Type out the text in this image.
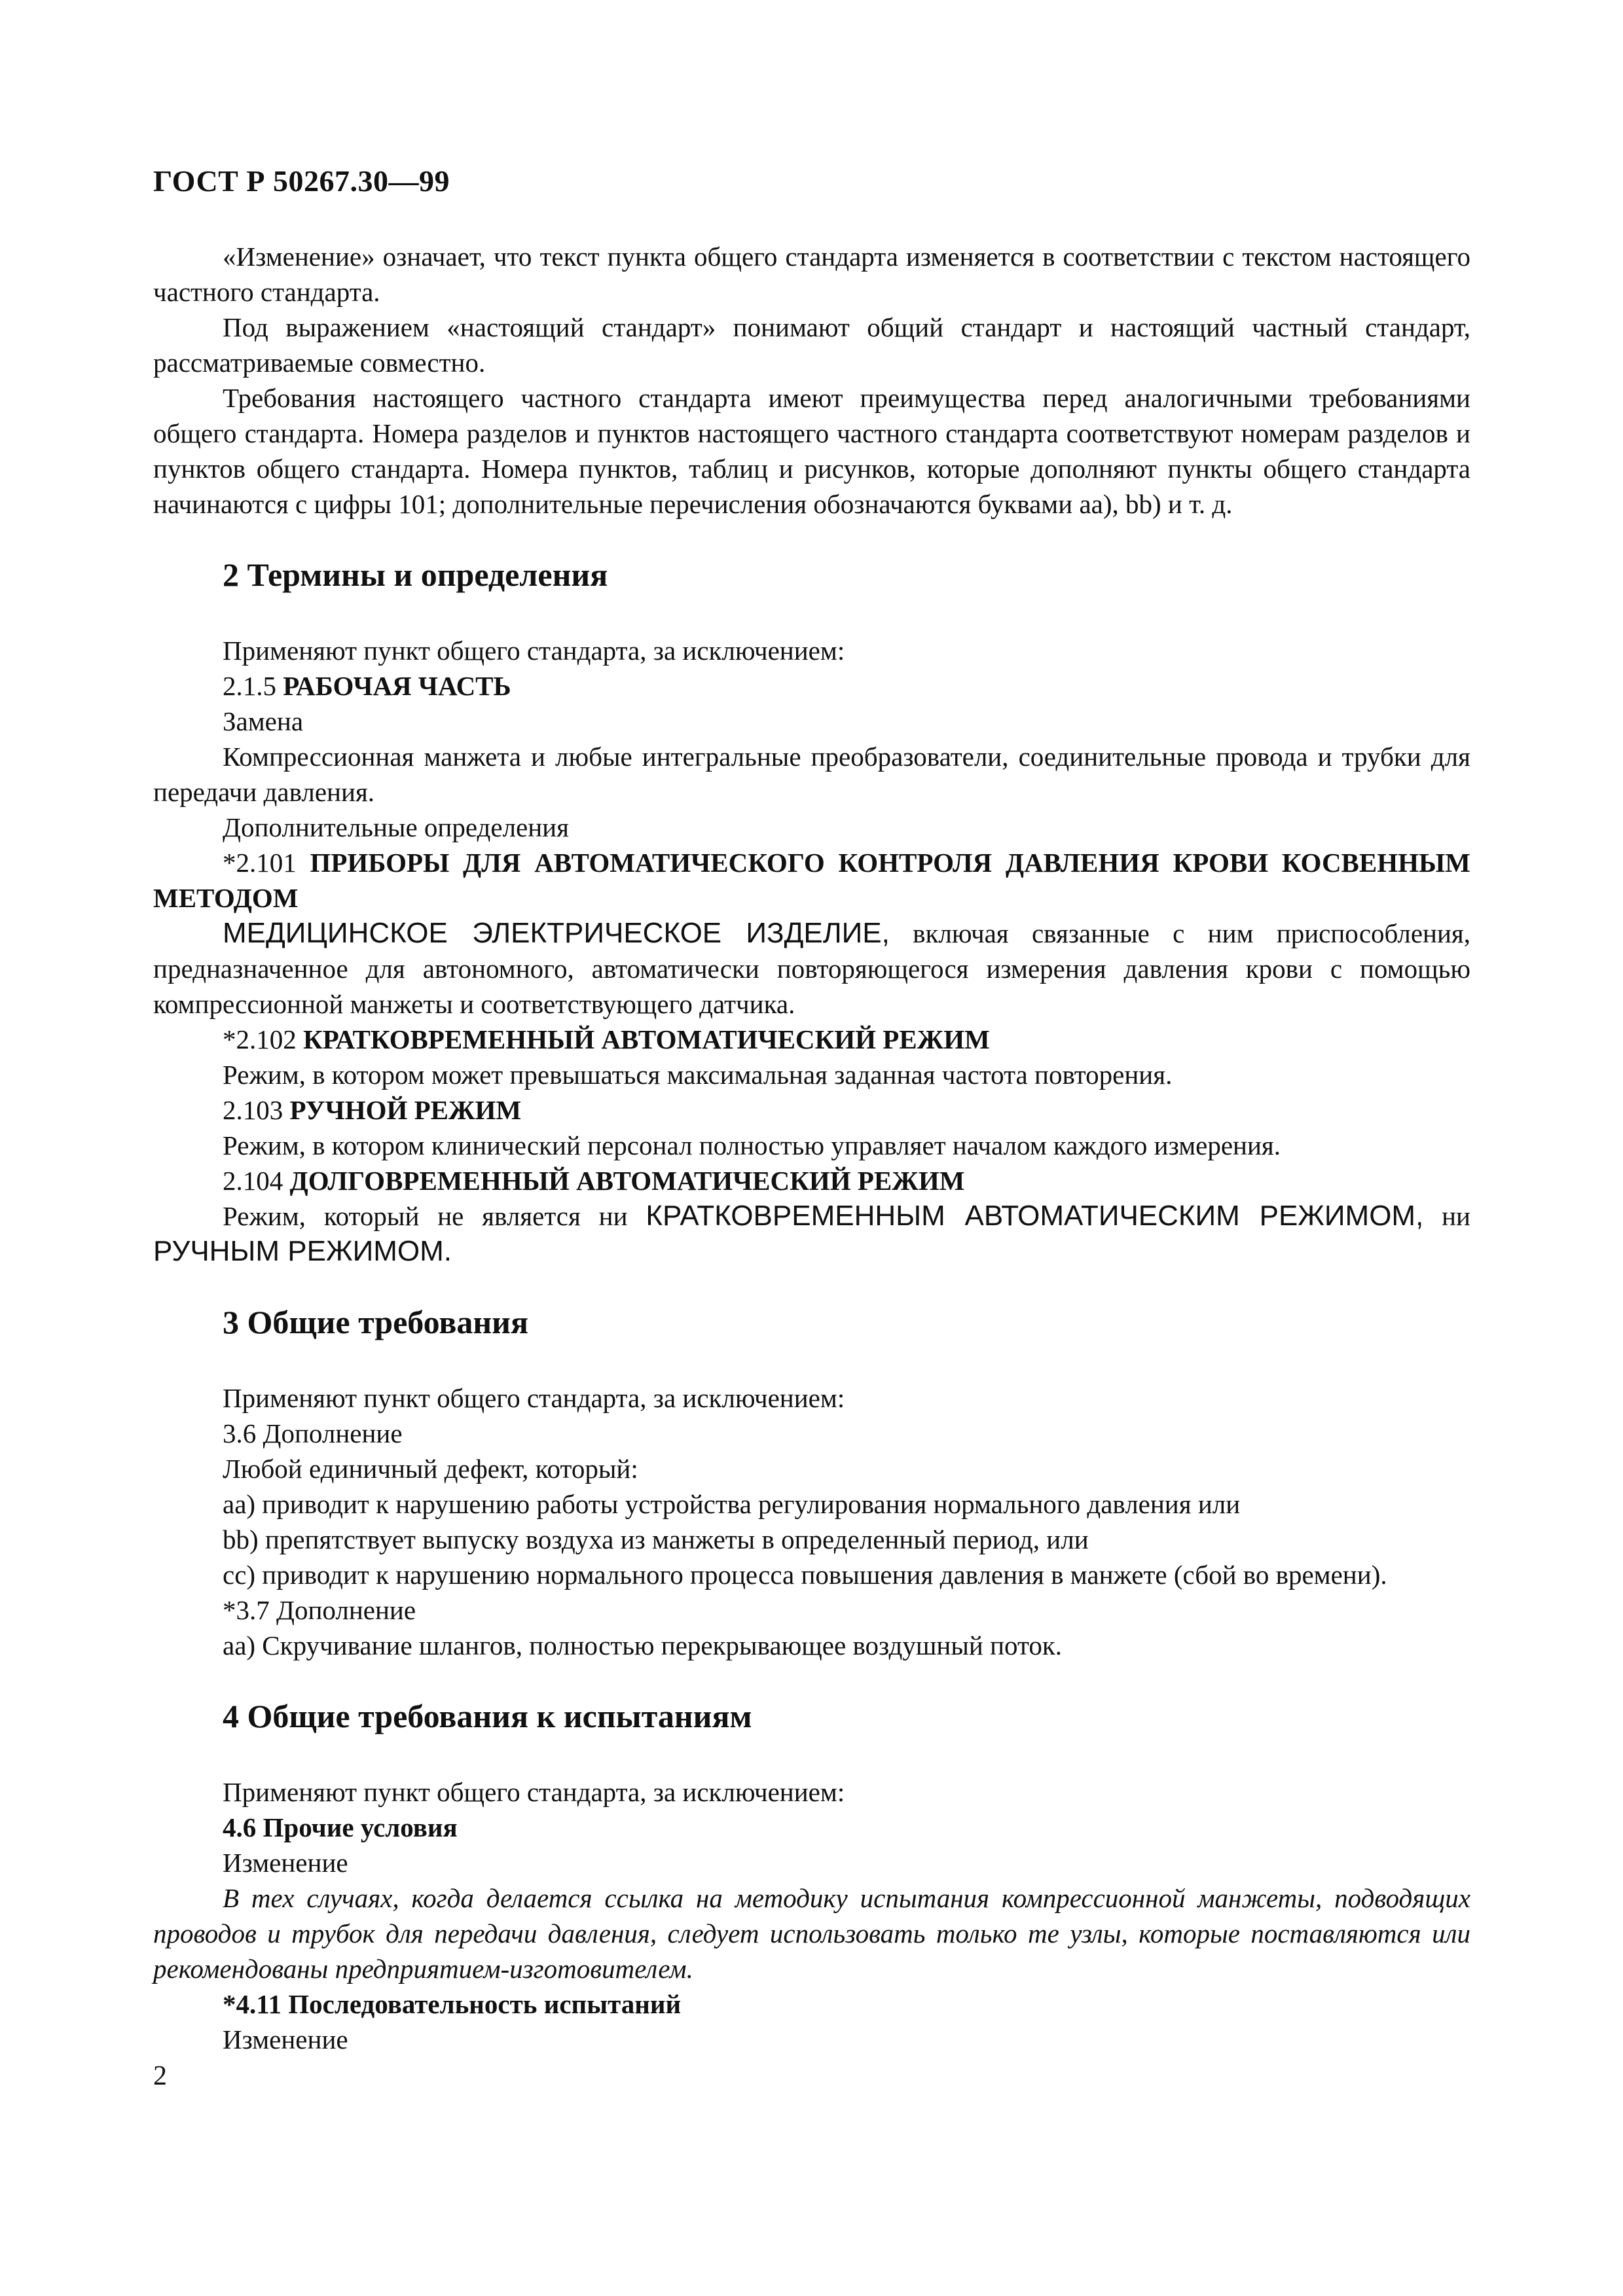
ГОСТ Р 50267.30—99

«Изменение» означает, что текст пункта общего стандарта изменяется в соответствии с текстом настоящего частного стандарта.

Под выражением «настоящий стандарт» понимают общий стандарт и настоящий частный стандарт, рассматриваемые совместно.

Требования настоящего частного стандарта имеют преимущества перед аналогичными требованиями общего стандарта. Номера разделов и пунктов настоящего частного стандарта соответствуют номерам разделов и пунктов общего стандарта. Номера пунктов, таблиц и рисунков, которые дополняют пункты общего стандарта начинаются с цифры 101; дополнительные перечисления обозначаются буквами аа), bb) и т. д.

2 Термины и определения

Применяют пункт общего стандарта, за исключением:

2.1.5 РАБОЧАЯ ЧАСТЬ

Замена

Компрессионная манжета и любые интегральные преобразователи, соединительные провода и трубки для передачи давления.

Дополнительные определения

*2.101 ПРИБОРЫ ДЛЯ АВТОМАТИЧЕСКОГО КОНТРОЛЯ ДАВЛЕНИЯ КРОВИ КОСВЕННЫМ МЕТОДОМ

МЕДИЦИНСКОЕ ЭЛЕКТРИЧЕСКОЕ ИЗДЕЛИЕ, включая связанные с ним приспособления, предназначенное для автономного, автоматически повторяющегося измерения давления крови с помощью компрессионной манжеты и соответствующего датчика.

*2.102 КРАТКОВРЕМЕННЫЙ АВТОМАТИЧЕСКИЙ РЕЖИМ

Режим, в котором может превышаться максимальная заданная частота повторения.

2.103 РУЧНОЙ РЕЖИМ

Режим, в котором клинический персонал полностью управляет началом каждого измерения.

2.104 ДОЛГОВРЕМЕННЫЙ АВТОМАТИЧЕСКИЙ РЕЖИМ

Режим, который не является ни КРАТКОВРЕМЕННЫМ АВТОМАТИЧЕСКИМ РЕЖИМОМ, ни РУЧНЫМ РЕЖИМОМ.

3 Общие требования

Применяют пункт общего стандарта, за исключением:

3.6 Дополнение

Любой единичный дефект, который:

аа) приводит к нарушению работы устройства регулирования нормального давления или

bb) препятствует выпуску воздуха из манжеты в определенный период, или

сс) приводит к нарушению нормального процесса повышения давления в манжете (сбой во времени).

*3.7 Дополнение

аа) Скручивание шлангов, полностью перекрывающее воздушный поток.

4 Общие требования к испытаниям

Применяют пункт общего стандарта, за исключением:

4.6 Прочие условия

Изменение

В тех случаях, когда делается ссылка на методику испытания компрессионной манжеты, подводящих проводов и трубок для передачи давления, следует использовать только те узлы, которые поставляются или рекомендованы предприятием-изготовителем.

*4.11 Последовательность испытаний

Изменение

2
